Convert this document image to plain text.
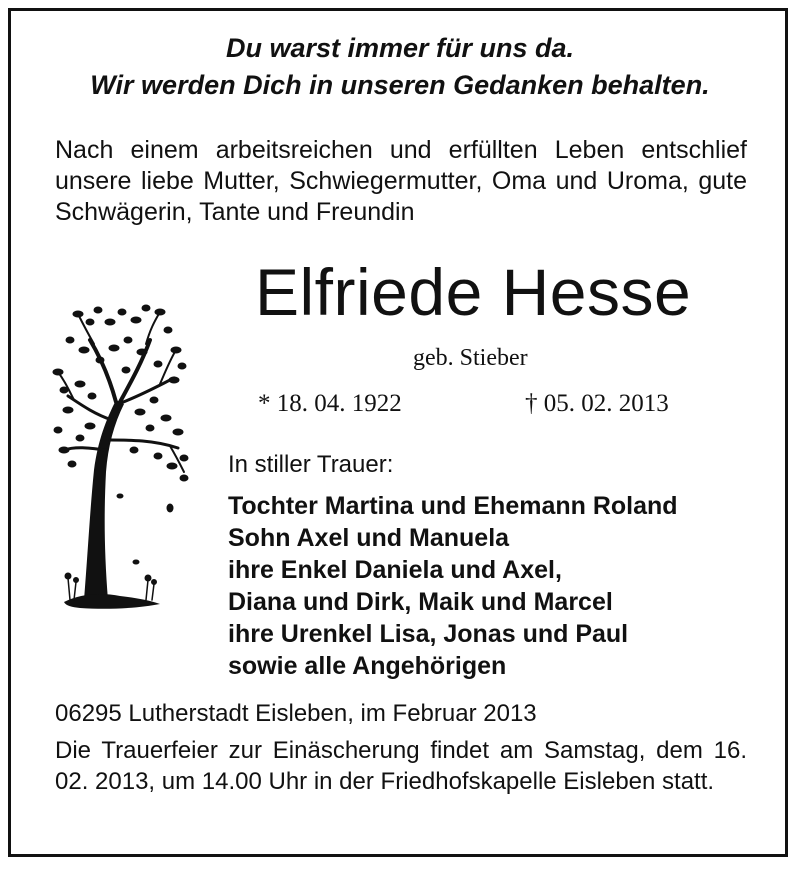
Du warst immer für uns da.
Wir werden Dich in unseren Gedanken behalten.
Nach einem arbeitsreichen und erfüllten Leben entschlief unsere liebe Mutter, Schwiegermutter, Oma und Uroma, gute Schwägerin, Tante und Freundin
Elfriede Hesse
geb. Stieber
* 18. 04. 1922	† 05. 02. 2013
In stiller Trauer:
Tochter Martina und Ehemann Roland
Sohn Axel und Manuela
ihre Enkel Daniela und Axel,
Diana und Dirk, Maik und Marcel
ihre Urenkel Lisa, Jonas und Paul
sowie alle Angehörigen
06295 Lutherstadt Eisleben, im Februar 2013
Die Trauerfeier zur Einäscherung findet am Samstag, dem 16. 02. 2013, um 14.00 Uhr in der Friedhofskapelle Eisleben statt.
